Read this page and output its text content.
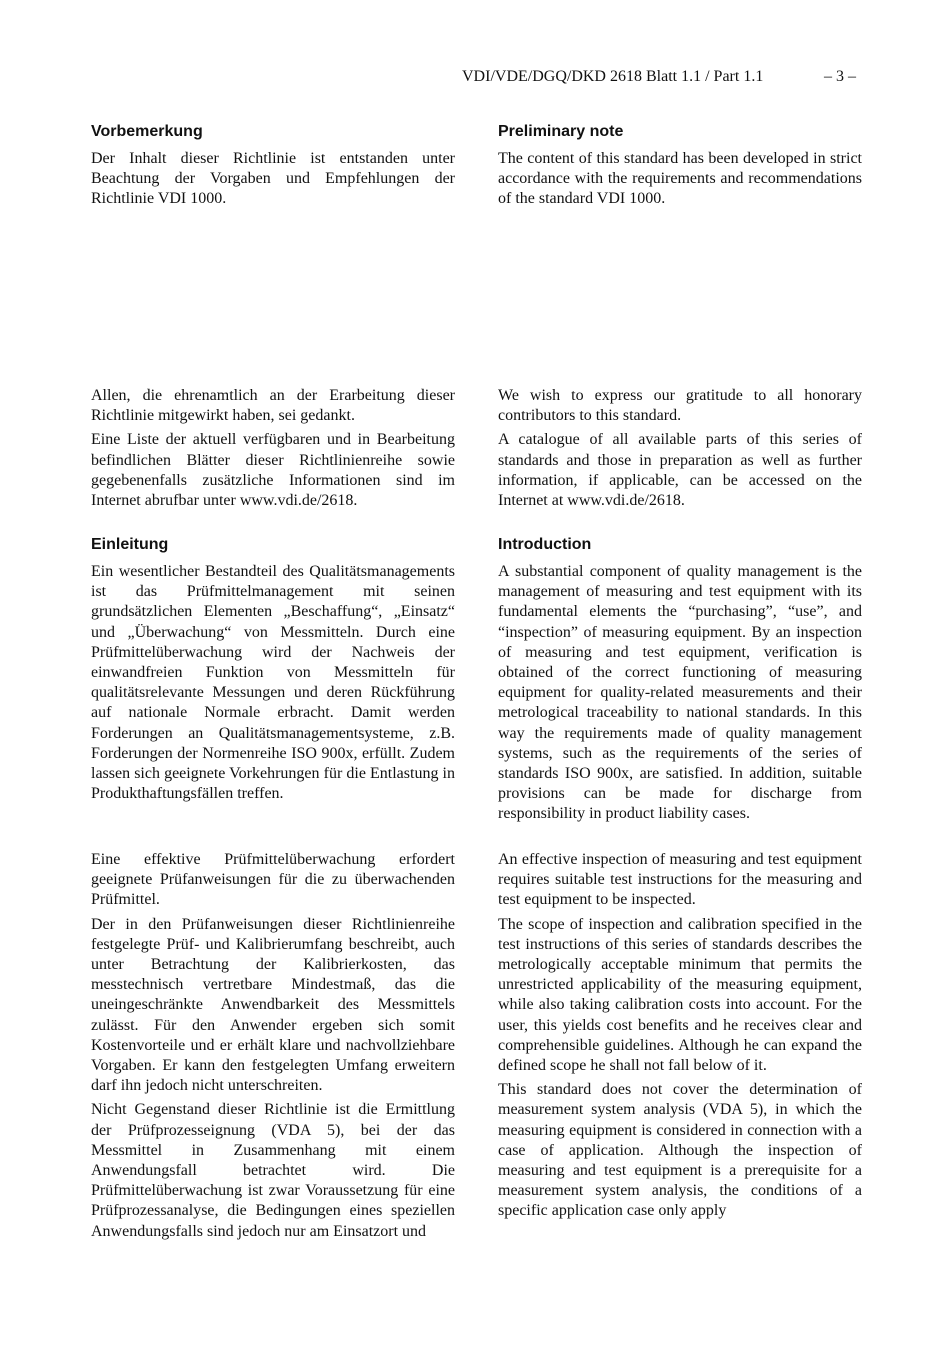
VDI/VDE/DGQ/DKD 2618 Blatt 1.1 / Part 1.1	– 3 –
Vorbemerkung

Der Inhalt dieser Richtlinie ist entstanden unter Beachtung der Vorgaben und Empfehlungen der Richtlinie VDI 1000.

Allen, die ehrenamtlich an der Erarbeitung dieser Richtlinie mitgewirkt haben, sei gedankt.

Eine Liste der aktuell verfügbaren und in Bearbeitung befindlichen Blätter dieser Richtlinienreihe sowie gegebenenfalls zusätzliche Informationen sind im Internet abrufbar unter www.vdi.de/2618.

Einleitung

Ein wesentlicher Bestandteil des Qualitätsmanagements ist das Prüfmittelmanagement mit seinen grundsätzlichen Elementen „Beschaffung“, „Einsatz“ und „Überwachung“ von Messmitteln. Durch eine Prüfmittelüberwachung wird der Nachweis der einwandfreien Funktion von Messmitteln für qualitätsrelevante Messungen und deren Rückführung auf nationale Normale erbracht. Damit werden Forderungen an Qualitätsmanagementsysteme, z.B. Forderungen der Normenreihe ISO 900x, erfüllt. Zudem lassen sich geeignete Vorkehrungen für die Entlastung in Produkthaftungsfällen treffen.

Eine effektive Prüfmittelüberwachung erfordert geeignete Prüfanweisungen für die zu überwachenden Prüfmittel.

Der in den Prüfanweisungen dieser Richtlinienreihe festgelegte Prüf- und Kalibrierumfang beschreibt, auch unter Betrachtung der Kalibrierkosten, das messtechnisch vertretbare Mindestmaß, das die uneingeschränkte Anwendbarkeit des Messmittels zulässt. Für den Anwender ergeben sich somit Kostenvorteile und er erhält klare und nachvollziehbare Vorgaben. Er kann den festgelegten Umfang erweitern darf ihn jedoch nicht unterschreiten.

Nicht Gegenstand dieser Richtlinie ist die Ermittlung der Prüfprozesseignung (VDA 5), bei der das Messmittel in Zusammenhang mit einem Anwendungsfall betrachtet wird. Die Prüfmittelüberwachung ist zwar Voraussetzung für eine Prüfprozessanalyse, die Bedingungen eines speziellen Anwendungsfalls sind jedoch nur am Einsatzort und

Preliminary note

The content of this standard has been developed in strict accordance with the requirements and recommendations of the standard VDI 1000.

We wish to express our gratitude to all honorary contributors to this standard.

A catalogue of all available parts of this series of standards and those in preparation as well as further information, if applicable, can be accessed on the Internet at www.vdi.de/2618.

Introduction

A substantial component of quality management is the management of measuring and test equipment with its fundamental elements the “purchasing”, “use”, and “inspection” of measuring equipment. By an inspection of measuring and test equipment, verification is obtained of the correct functioning of measuring equipment for quality-related measurements and their metrological traceability to national standards. In this way the requirements made of quality management systems, such as the requirements of the series of standards ISO 900x, are satisfied. In addition, suitable provisions can be made for discharge from responsibility in product liability cases.

An effective inspection of measuring and test equipment requires suitable test instructions for the measuring and test equipment to be inspected.

The scope of inspection and calibration specified in the test instructions of this series of standards describes the metrologically acceptable minimum that permits the unrestricted applicability of the measuring equipment, while also taking calibration costs into account. For the user, this yields cost benefits and he receives clear and comprehensible guidelines. Although he can expand the defined scope he shall not fall below of it.

This standard does not cover the determination of measurement system analysis (VDA 5), in which the measuring equipment is considered in connection with a case of application. Although the inspection of measuring and test equipment is a prerequisite for a measurement system analysis, the conditions of a specific application case only apply
